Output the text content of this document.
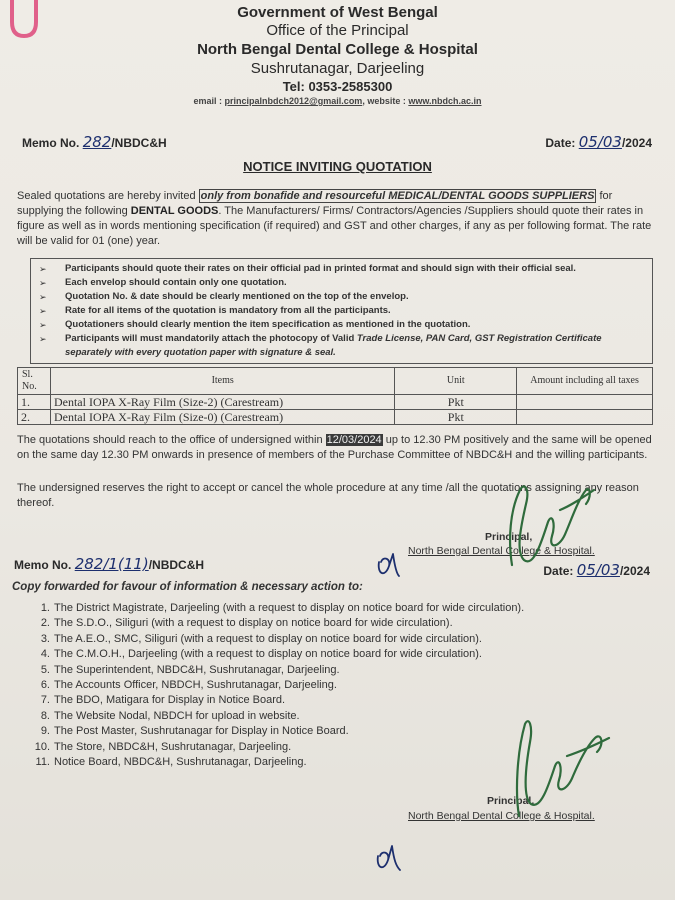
Government of West Bengal
Office of the Principal
North Bengal Dental College & Hospital
Sushrutanagar, Darjeeling
Tel: 0353-2585300
email : principalnbdch2012@gmail.com, website : www.nbdch.ac.in
Memo No. 282/NBDC&H	Date: 05/03/2024
NOTICE INVITING QUOTATION
Sealed quotations are hereby invited only from bonafide and resourceful MEDICAL/DENTAL GOODS SUPPLIERS for supplying the following DENTAL GOODS. The Manufacturers/ Firms/ Contractors/Agencies /Suppliers should quote their rates in figure as well as in words mentioning specification (if required) and GST and other charges, if any as per following format. The rate will be valid for 01 (one) year.
➢ Participants should quote their rates on their official pad in printed format and should sign with their official seal.
➢ Each envelop should contain only one quotation.
➢ Quotation No. & date should be clearly mentioned on the top of the envelop.
➢ Rate for all items of the quotation is mandatory from all the participants.
➢ Quotationers should clearly mention the item specification as mentioned in the quotation.
➢ Participants will must mandatorily attach the photocopy of Valid Trade License, PAN Card, GST Registration Certificate separately with every quotation paper with signature & seal.
Sl. No.	Items	Unit	Amount including all taxes
1.	Dental IOPA X-Ray Film (Size-2) (Carestream)	Pkt	
2.	Dental IOPA X-Ray Film (Size-0) (Carestream)	Pkt	
The quotations should reach to the office of undersigned within 12/03/2024 up to 12.30 PM positively and the same will be opened on the same day 12.30 PM onwards in presence of members of the Purchase Committee of NBDC&H and the willing participants.
The undersigned reserves the right to accept or cancel the whole procedure at any time /all the quotations assigning any reason thereof.
Principal,
North Bengal Dental College & Hospital.
Memo No. 282/1(11)/NBDC&H	Date: 05/03/2024
Copy forwarded for favour of information & necessary action to:
1. The District Magistrate, Darjeeling (with a request to display on notice board for wide circulation).
2. The S.D.O., Siliguri (with a request to display on notice board for wide circulation).
3. The A.E.O., SMC, Siliguri (with a request to display on notice board for wide circulation).
4. The C.M.O.H., Darjeeling (with a request to display on notice board for wide circulation).
5. The Superintendent, NBDC&H, Sushrutanagar, Darjeeling.
6. The Accounts Officer, NBDCH, Sushrutanagar, Darjeeling.
7. The BDO, Matigara for Display in Notice Board.
8. The Website Nodal, NBDCH for upload in website.
9. The Post Master, Sushrutanagar for Display in Notice Board.
10. The Store, NBDC&H, Sushrutanagar, Darjeeling.
11. Notice Board, NBDC&H, Sushrutanagar, Darjeeling.
Principal,
North Bengal Dental College & Hospital.
